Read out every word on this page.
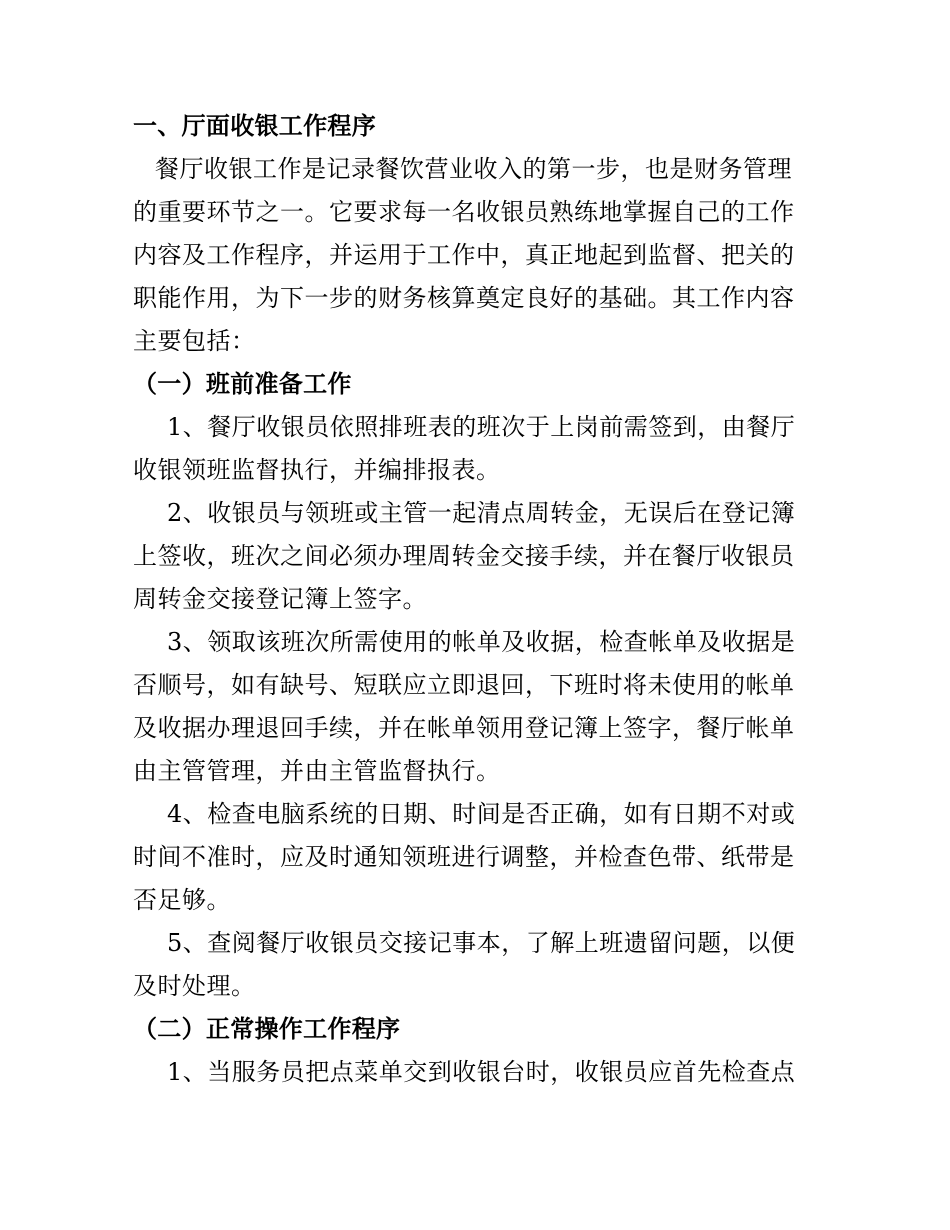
一、厅面收银工作程序
餐厅收银工作是记录餐饮营业收入的第一步，也是财务管理
的重要环节之一。它要求每一名收银员熟练地掌握自己的工作
内容及工作程序，并运用于工作中，真正地起到监督、把关的
职能作用，为下一步的财务核算奠定良好的基础。其工作内容
主要包括：
（一）班前准备工作
1、餐厅收银员依照排班表的班次于上岗前需签到，由餐厅
收银领班监督执行，并编排报表。
2、收银员与领班或主管一起清点周转金，无误后在登记簿
上签收，班次之间必须办理周转金交接手续，并在餐厅收银员
周转金交接登记簿上签字。
3、领取该班次所需使用的帐单及收据，检查帐单及收据是
否顺号，如有缺号、短联应立即退回，下班时将未使用的帐单
及收据办理退回手续，并在帐单领用登记簿上签字，餐厅帐单
由主管管理，并由主管监督执行。
4、检查电脑系统的日期、时间是否正确，如有日期不对或
时间不准时，应及时通知领班进行调整，并检查色带、纸带是
否足够。
5、查阅餐厅收银员交接记事本，了解上班遗留问题，以便
及时处理。
（二）正常操作工作程序
1、当服务员把点菜单交到收银台时，收银员应首先检查点
